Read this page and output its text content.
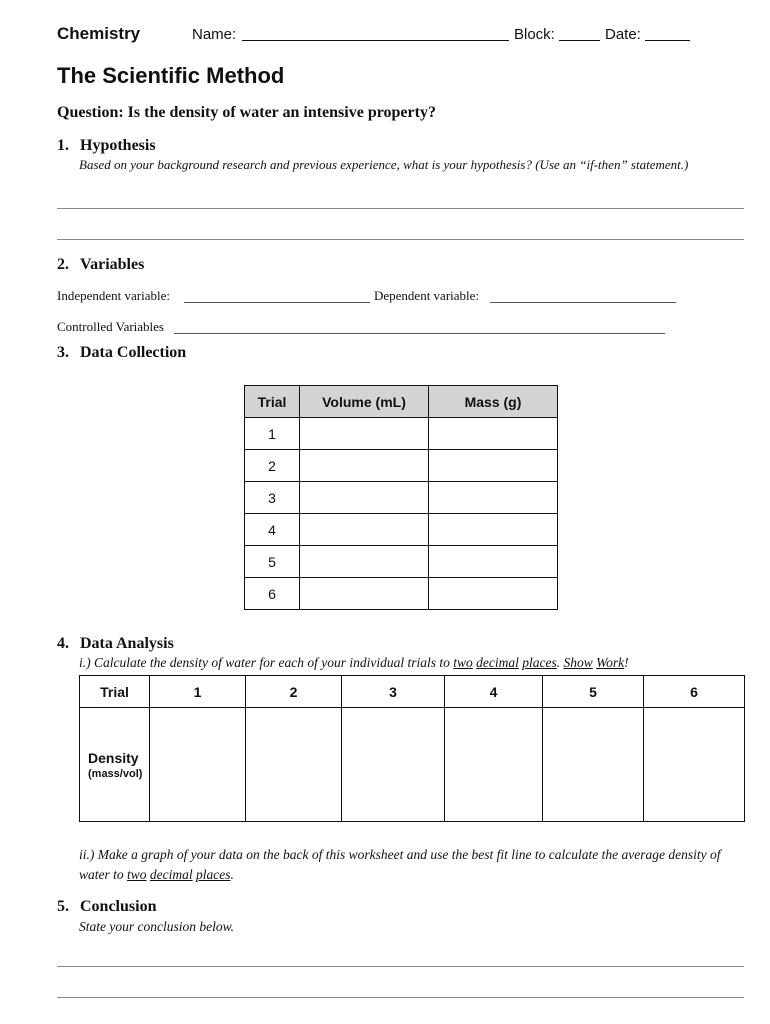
Chemistry	Name:	Block:	Date:
The Scientific Method
Question: Is the density of water an intensive property?
1. Hypothesis
Based on your background research and previous experience, what is your hypothesis? (Use an “if-then” statement.)
2. Variables
Independent variable:	Dependent variable:
Controlled Variables
3. Data Collection
Trial	Volume (mL)	Mass (g)
1		
2		
3		
4		
5		
6		
4. Data Analysis
i.) Calculate the density of water for each of your individual trials to two decimal places. Show Work!
Trial	1	2	3	4	5	6

Density
(mass/vol)						

ii.) Make a graph of your data on the back of this worksheet and use the best fit line to calculate the average density of water to two decimal places.
5. Conclusion
State your conclusion below.
